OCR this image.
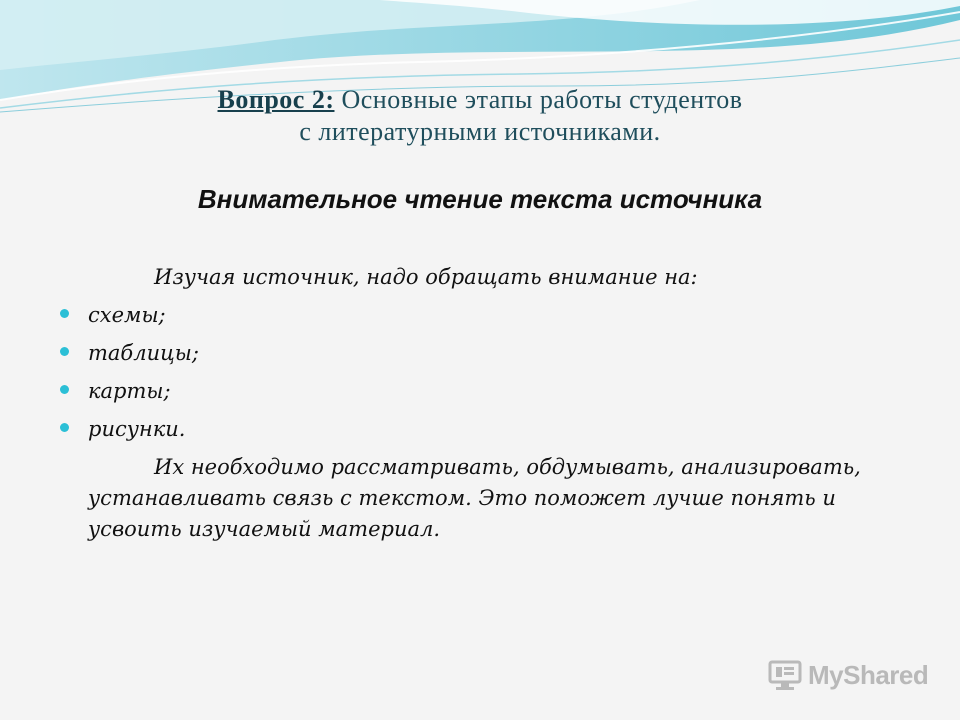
Вопрос 2: Основные этапы работы студентов
с литературными источниками.
Внимательное чтение текста источника
Изучая источник, надо обращать внимание на:
схемы;
таблицы;
карты;
рисунки.
Их необходимо рассматривать, обдумывать, анализировать, устанавливать связь с текстом. Это поможет лучше понять и усвоить изучаемый материал.
MyShared
